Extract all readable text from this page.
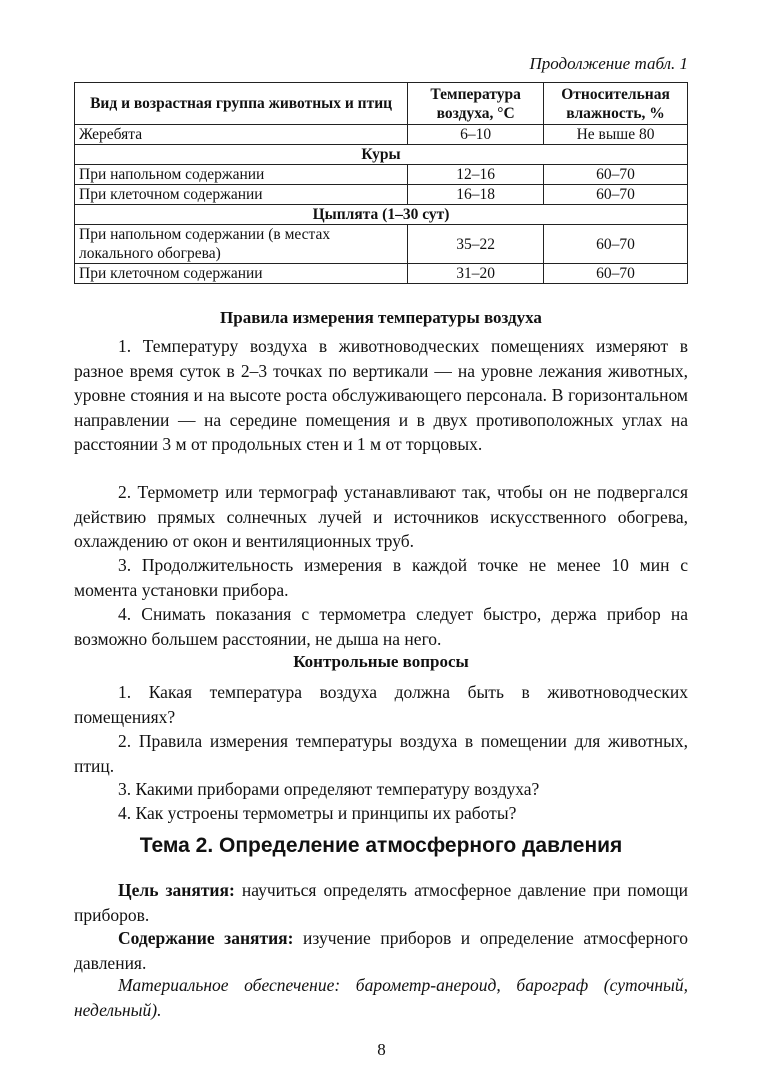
Продолжение табл. 1
Вид и возрастная группа животных и птиц	Температура воздуха, °С	Относительная влажность, %
Жеребята	6–10	Не выше 80
Куры		
При напольном содержании	12–16	60–70
При клеточном содержании	16–18	60–70
Цыплята (1–30 сут)		
При напольном содержании (в местах локального обогрева)	35–22	60–70
При клеточном содержании	31–20	60–70
Правила измерения температуры воздуха
1. Температуру воздуха в животноводческих помещениях измеряют в разное время суток в 2–3 точках по вертикали — на уровне лежания животных, уровне стояния и на высоте роста обслуживающего персонала. В горизонтальном направлении — на середине помещения и в двух противоположных углах на расстоянии 3 м от продольных стен и 1 м от торцовых.
2. Термометр или термограф устанавливают так, чтобы он не подвергался действию прямых солнечных лучей и источников искусственного обогрева, охлаждению от окон и вентиляционных труб.
3. Продолжительность измерения в каждой точке не менее 10 мин с момента установки прибора.
4. Снимать показания с термометра следует быстро, держа прибор на возможно большем расстоянии, не дыша на него.
Контрольные вопросы
1. Какая температура воздуха должна быть в животноводческих помещениях?
2. Правила измерения температуры воздуха в помещении для животных, птиц.
3. Какими приборами определяют температуру воздуха?
4. Как устроены термометры и принципы их работы?
Тема 2. Определение атмосферного давления
Цель занятия: научиться определять атмосферное давление при помощи приборов.
Содержание занятия: изучение приборов и определение атмосферного давления.
Материальное обеспечение: барометр-анероид, барограф (суточный, недельный).
8
